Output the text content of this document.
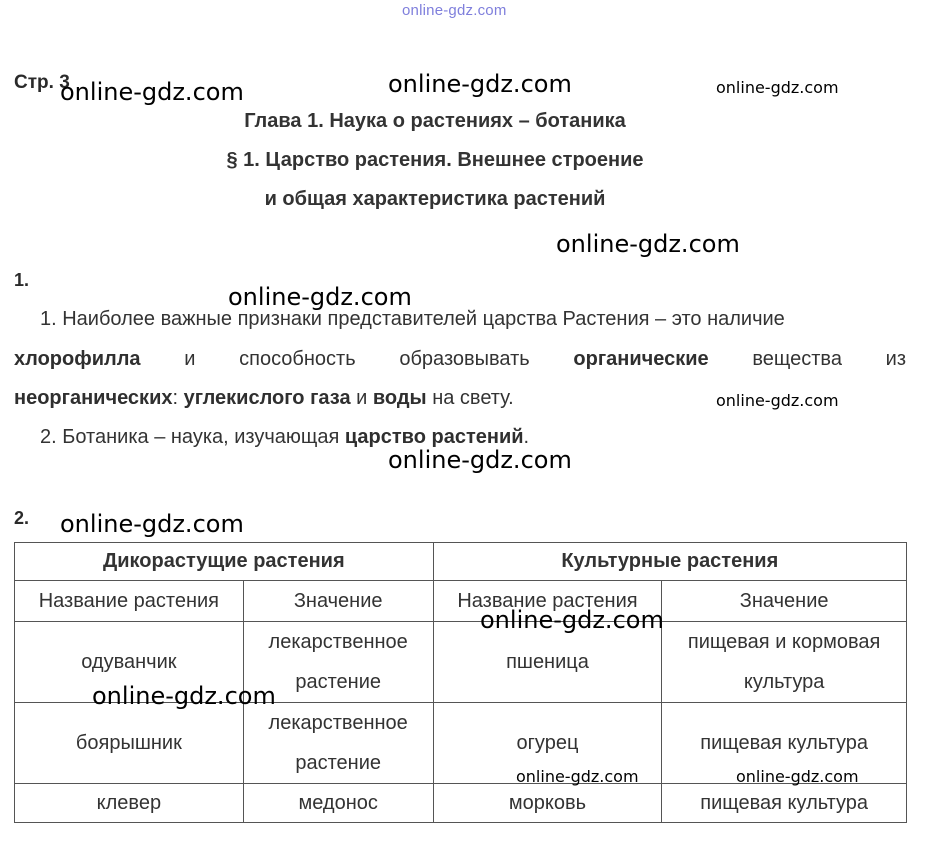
online-gdz.com
Стр. 3
Глава 1. Наука о растениях – ботаника
§ 1. Царство растения. Внешнее строение
и общая характеристика растений
1.
1. Наиболее важные признаки представителей царства Растения – это наличие
хлорофилла и способность образовывать органические вещества из
неорганических: углекислого газа и воды на свету.
2. Ботаника – наука, изучающая царство растений.
2.
Дикорастущие растения		Культурные растения	
Название растения	Значение	Название растения	Значение
одуванчик	лекарственное растение	пшеница	пищевая и кормовая культура
боярышник	лекарственное растение	огурец	пищевая культура
клевер	медонос	морковь	пищевая культура
online-gdz.com	online-gdz.com	online-gdz.com
online-gdz.com
online-gdz.com
online-gdz.com
online-gdz.com
online-gdz.com
online-gdz.com
online-gdz.com
online-gdz.com	online-gdz.com
